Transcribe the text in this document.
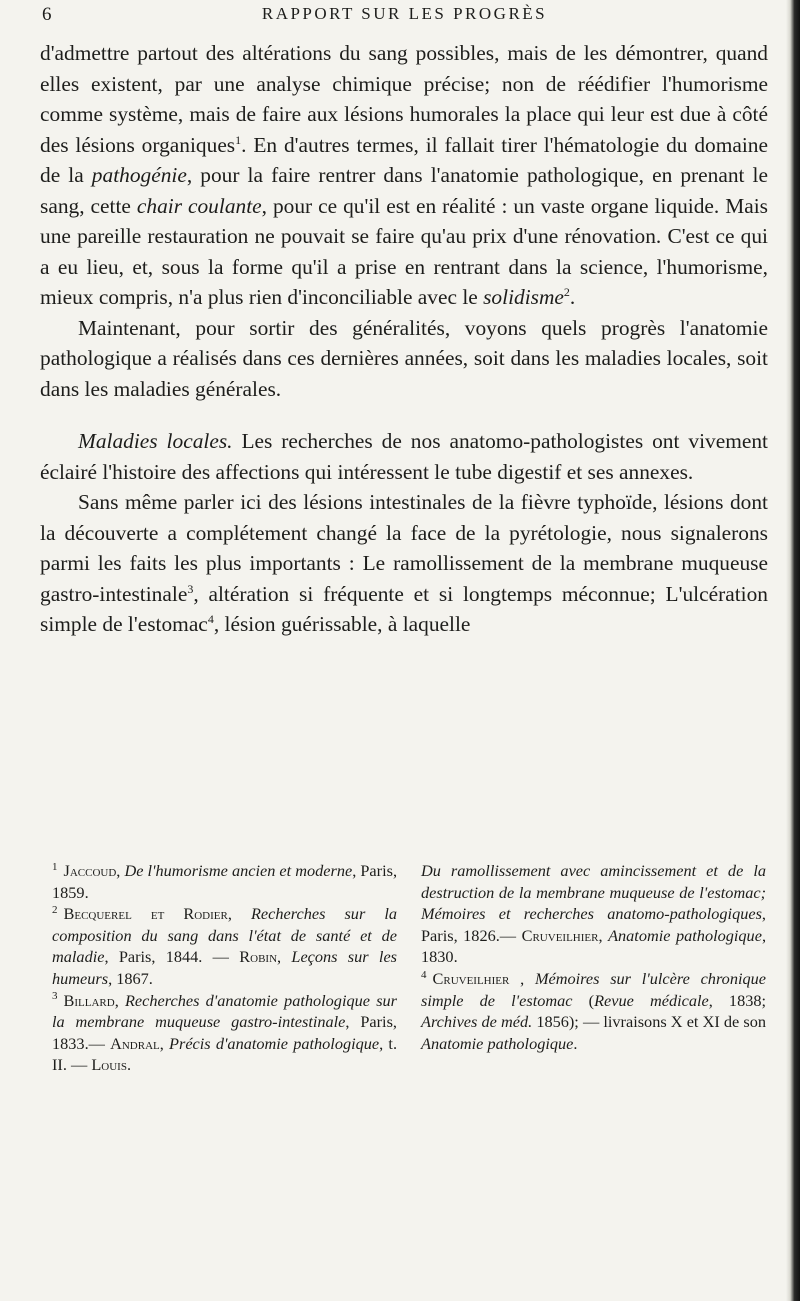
6	RAPPORT SUR LES PROGRÈS

d'admettre partout des altérations du sang possibles, mais de les démontrer, quand elles existent, par une analyse chimique précise; non de réédifier l'humorisme comme système, mais de faire aux lésions humorales la place qui leur est due à côté des lésions organiques$^1$. En d'autres termes, il fallait tirer l'hématologie du domaine de la pathogénie, pour la faire rentrer dans l'anatomie pathologique, en prenant le sang, cette chair coulante, pour ce qu'il est en réalité : un vaste organe liquide. Mais une pareille restauration ne pouvait se faire qu'au prix d'une rénovation. C'est ce qui a eu lieu, et, sous la forme qu'il a prise en rentrant dans la science, l'humorisme, mieux compris, n'a plus rien d'inconciliable avec le solidisme$^2$.

Maintenant, pour sortir des généralités, voyons quels progrès l'anatomie pathologique a réalisés dans ces dernières années, soit dans les maladies locales, soit dans les maladies générales.

Maladies locales. Les recherches de nos anatomo-pathologistes ont vivement éclairé l'histoire des affections qui intéressent le tube digestif et ses annexes.

Sans même parler ici des lésions intestinales de la fièvre typhoïde, lésions dont la découverte a complétement changé la face de la pyrétologie, nous signalerons parmi les faits les plus importants : Le ramollissement de la membrane muqueuse gastro-intestinale$^3$, altération si fréquente et si longtemps méconnue; L'ulcération simple de l'estomac$^4$, lésion guérissable, à laquelle

$^1$ Jaccoud, De l'humorisme ancien et moderne, Paris, 1859.

$^2$ Becquerel et Rodier, Recherches sur la composition du sang dans l'état de santé et de maladie, Paris, 1844. — Robin, Leçons sur les humeurs, 1867.

$^3$ Billard, Recherches d'anatomie pathologique sur la membrane muqueuse gastro-intestinale, Paris, 1833.— Andral, Précis d'anatomie pathologique, t. II. — Louis.

Du ramollissement avec amincissement et de la destruction de la membrane muqueuse de l'estomac; Mémoires et recherches anatomo-pathologiques, Paris, 1826.— Cruveilhier, Anatomie pathologique, 1830.

$^4$ Cruveilhier , Mémoires sur l'ulcère chronique simple de l'estomac (Revue médicale, 1838; Archives de méd. 1856); — livraisons X et XI de son Anatomie pathologique.
